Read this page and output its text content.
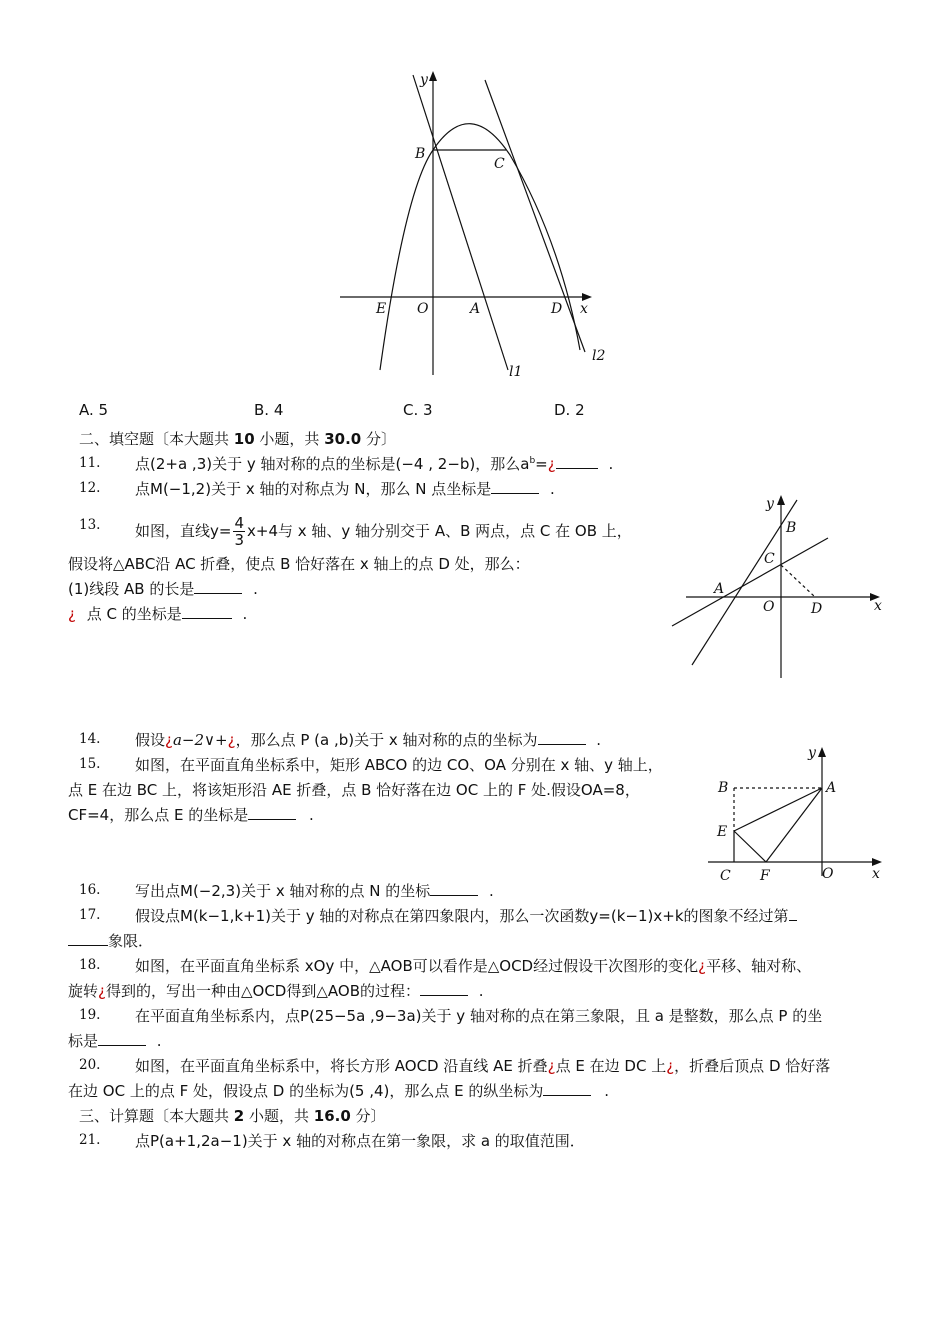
y
B
C
E O	A	D x
l1
l2
A. 5	B. 4	C. 3	D. 2
二、填空题〔本大题共 10 小题，共 30.0 分〕
11. 点(2+a ,3)关于 y 轴对称的点的坐标是(−4 , 2−b)，那么$a^b=¿$	.
12. 点M(−1,2)关于 x 轴的对称点为 N，那么 N 点坐标是	.
13. 如图，直线$y= \frac{4}{3} x+4$与 x 轴、y 轴分别交于 A、B 两点，点 C 在 OB 上，
假设将△ABC沿 AC 折叠，使点 B 恰好落在 x 轴上的点 D 处，那么：
(1)线段 AB 的长是	.
¿ 点 C 的坐标是	.
y
B
C
A
O	D	x
14. 假设¿a−2∨+¿，那么点 P (a ,b)关于 x 轴对称的点的坐标为	.
15. 如图，在平面直角坐标系中，矩形 ABCO 的边 CO、OA 分别在 x 轴、y 轴上，
点 E 在边 BC 上，将该矩形沿 AE 折叠，点 B 恰好落在边 OC 上的 F 处.假设OA=8，
CF=4，那么点 E 的坐标是	.
y
B	A
E
C F	O	x
16. 写出点M(−2,3)关于 x 轴对称的点 N 的坐标	.
17. 假设点M(k−1,k+1)关于 y 轴的对称点在第四象限内，那么一次函数y=(k−1)x+k的图象不经过第
象限．
18. 如图，在平面直角坐标系 xOy 中，△AOB可以看作是△OCD经过假设干次图形的变化¿平移、轴对称、
旋转¿得到的，写出一种由△OCD得到△AOB的过程：	.
19. 在平面直角坐标系内，点P(25−5a ,9−3a)关于 y 轴对称的点在第三象限，且 a 是整数，那么点 P 的坐
标是	.
20. 如图，在平面直角坐标系中，将长方形 AOCD 沿直线 AE 折叠¿点 E 在边 DC 上¿，折叠后顶点 D 恰好落
在边 OC 上的点 F 处，假设点 D 的坐标为(5 ,4)，那么点 E 的纵坐标为	.
三、计算题〔本大题共 2 小题，共 16.0 分〕
21. 点P(a+1,2a−1)关于 x 轴的对称点在第一象限，求 a 的取值范围．
